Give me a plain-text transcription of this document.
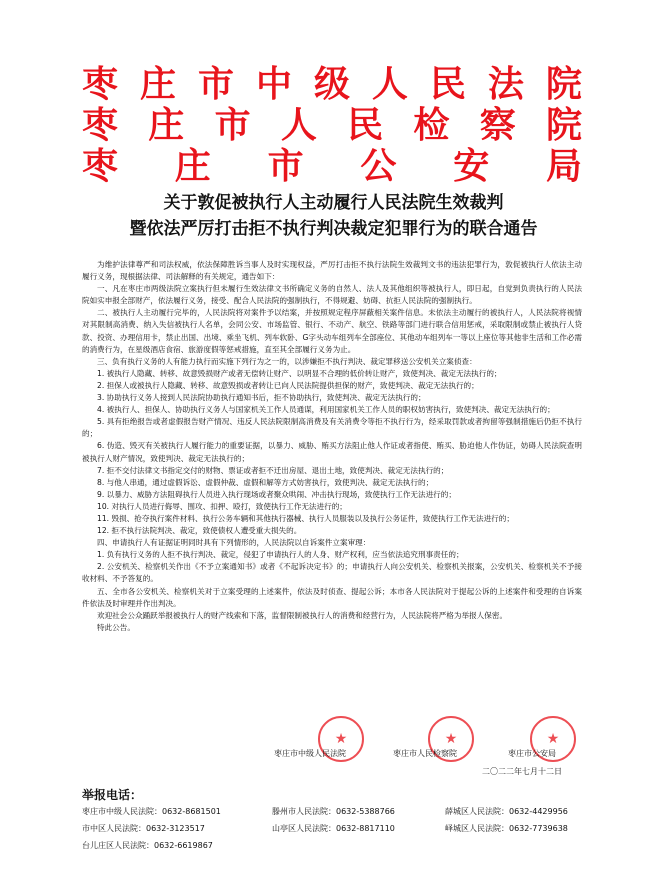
枣 庄 市 中 级 人 民 法 院
枣 庄 市 人 民 检 察 院
枣 庄 市 公 安 局
关于敦促被执行人主动履行人民法院生效裁判
暨依法严厉打击拒不执行判决裁定犯罪行为的联合通告

为维护法律尊严和司法权威，依法保障胜诉当事人及时实现权益，严厉打击拒不执行法院生效裁判文书的违法犯罪行为，敦促被执行人依法主动履行义务，现根据法律、司法解释的有关规定，通告如下：

一、凡在枣庄市两级法院立案执行但未履行生效法律文书所确定义务的自然人、法人及其他组织等被执行人，即日起，自觉到负责执行的人民法院如实申报全部财产，依法履行义务，接受、配合人民法院的强制执行，不得规避、妨碍、抗拒人民法院的强制执行。

二、被执行人主动履行完毕的，人民法院将对案件予以结案，并按照规定程序屏蔽相关案件信息。未依法主动履行的被执行人，人民法院将视情对其限制高消费、纳入失信被执行人名单，会同公安、市场监管、银行、不动产、航空、铁路等部门进行联合信用惩戒，采取限制或禁止被执行人贷款、投资、办理信用卡，禁止出国、出境、乘坐飞机、列车软卧、G字头动车组列车全部座位、其他动车组列车一等以上座位等其他非生活和工作必需的消费行为，在星级酒店食宿、旅游度假等惩戒措施，直至其全部履行义务为止。

三、负有执行义务的人有能力执行而实施下列行为之一的，以涉嫌拒不执行判决、裁定罪移送公安机关立案侦查：

1. 被执行人隐藏、转移、故意毁损财产或者无偿转让财产、以明显不合理的低价转让财产，致使判决、裁定无法执行的；

2. 担保人或被执行人隐藏、转移、故意毁损或者转让已向人民法院提供担保的财产，致使判决、裁定无法执行的；

3. 协助执行义务人接到人民法院协助执行通知书后，拒不协助执行，致使判决、裁定无法执行的；

4. 被执行人、担保人、协助执行义务人与国家机关工作人员通谋，利用国家机关工作人员的职权妨害执行，致使判决、裁定无法执行的；

5. 具有拒绝报告或者虚假报告财产情况、违反人民法院限制高消费及有关消费令等拒不执行行为，经采取罚款或者拘留等强制措施后仍拒不执行的；

6. 伪造、毁灭有关被执行人履行能力的重要证据，以暴力、威胁、贿买方法阻止他人作证或者指使、贿买、胁迫他人作伪证，妨碍人民法院查明被执行人财产情况，致使判决、裁定无法执行的；

7. 拒不交付法律文书指定交付的财物、票证或者拒不迁出房屋、退出土地，致使判决、裁定无法执行的；

8. 与他人串通，通过虚假诉讼、虚假仲裁、虚假和解等方式妨害执行，致使判决、裁定无法执行的；

9. 以暴力、威胁方法阻碍执行人员进入执行现场或者聚众哄闹、冲击执行现场，致使执行工作无法进行的；

10. 对执行人员进行侮辱、围攻、扣押、殴打，致使执行工作无法进行的；

11. 毁损、抢夺执行案件材料、执行公务车辆和其他执行器械、执行人员服装以及执行公务证件，致使执行工作无法进行的；

12. 拒不执行法院判决、裁定，致使债权人遭受重大损失的。

四、申请执行人有证据证明同时具有下列情形的，人民法院以自诉案件立案审理：

1. 负有执行义务的人拒不执行判决、裁定，侵犯了申请执行人的人身、财产权利，应当依法追究刑事责任的；

2. 公安机关、检察机关作出《不予立案通知书》或者《不起诉决定书》的；申请执行人向公安机关、检察机关报案，公安机关、检察机关不予接收材料、不予答复的。

五、全市各公安机关、检察机关对于立案受理的上述案件，依法及时侦查、提起公诉；本市各人民法院对于提起公诉的上述案件和受理的自诉案件依法及时审理并作出判决。

欢迎社会公众踊跃举报被执行人的财产线索和下落，监督限制被执行人的消费和经营行为，人民法院将严格为举报人保密。

特此公告。

★	★	★
枣庄市中级人民法院	枣庄市人民检察院	枣庄市公安局
二〇二二年七月十二日
举报电话：
枣庄市中级人民法院：0632-8681501	滕州市人民法院：0632-5388766	薛城区人民法院：0632-4429956
市中区人民法院：0632-3123517	山亭区人民法院：0632-8817110	峄城区人民法院：0632-7739638
台儿庄区人民法院：0632-6619867
